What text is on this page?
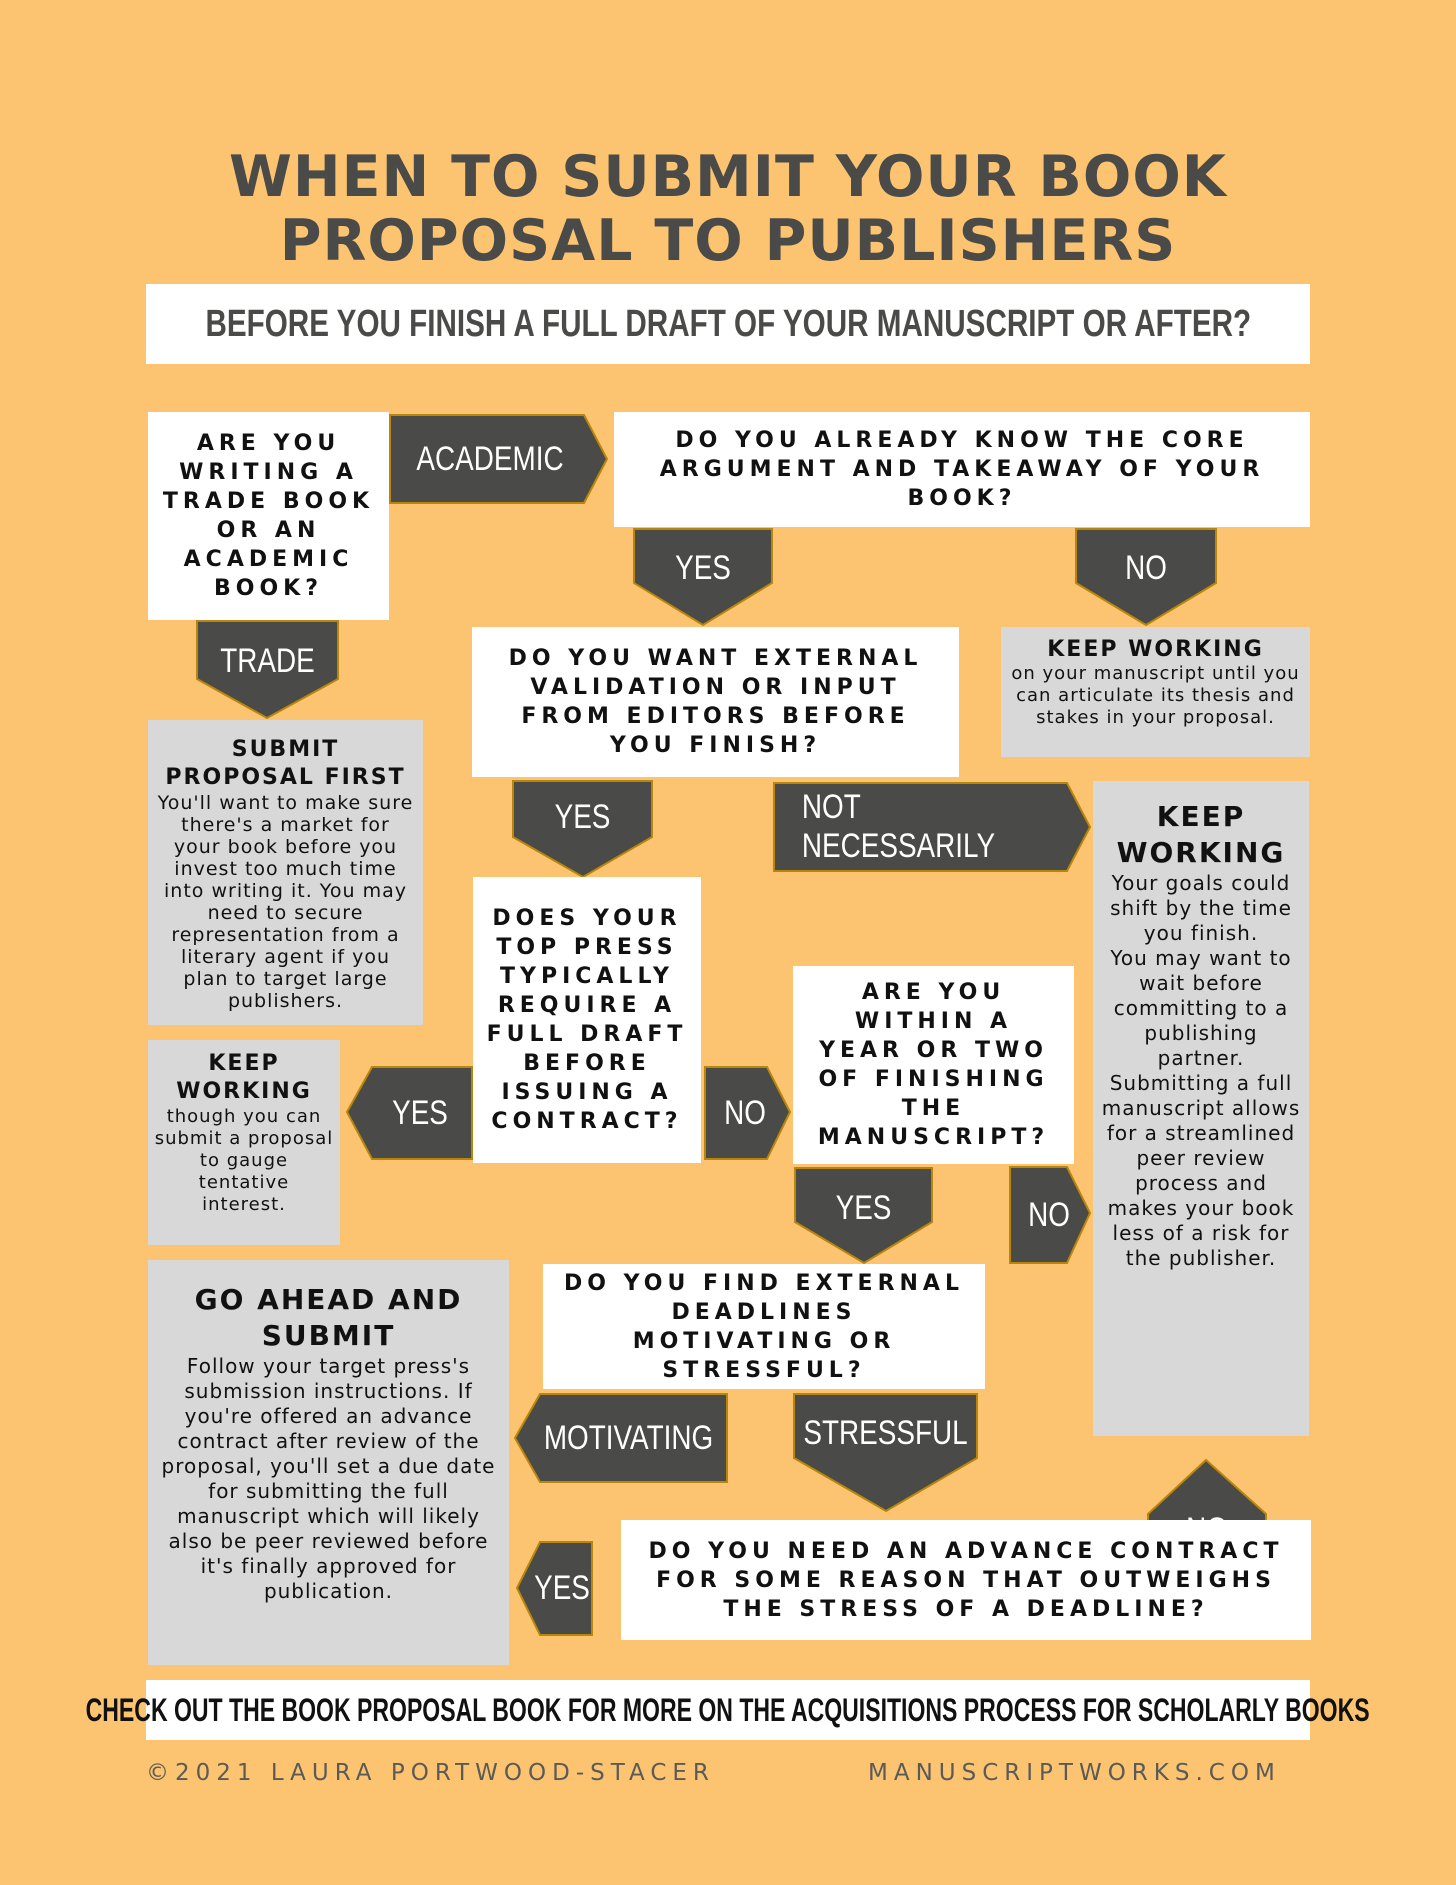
WHEN TO SUBMIT YOUR BOOK
PROPOSAL TO PUBLISHERS
BEFORE YOU FINISH A FULL DRAFT OF YOUR MANUSCRIPT OR AFTER?
ACADEMIC
YES	NO
TRADE
YES	NOT NECESSARILY
YES	NO
YES	NO
MOTIVATING	STRESSFUL
YES
ARE YOU WRITING A TRADE BOOK OR AN ACADEMIC BOOK?
DO YOU ALREADY KNOW THE CORE ARGUMENT AND TAKEAWAY OF YOUR BOOK?
DO YOU WANT EXTERNAL VALIDATION OR INPUT FROM EDITORS BEFORE YOU FINISH?
DOES YOUR TOP PRESS TYPICALLY REQUIRE A FULL DRAFT BEFORE ISSUING A CONTRACT?
ARE YOU WITHIN A YEAR OR TWO OF FINISHING THE MANUSCRIPT?
DO YOU FIND EXTERNAL DEADLINES MOTIVATING OR STRESSFUL?
DO YOU NEED AN ADVANCE CONTRACT FOR SOME REASON THAT OUTWEIGHS THE STRESS OF A DEADLINE?
SUBMIT PROPOSAL FIRST
You'll want to make sure there's a market for your book before you invest too much time into writing it. You may need to secure representation from a literary agent if you plan to target large publishers.
KEEP WORKING
on your manuscript until you can articulate its thesis and stakes in your proposal.
KEEP WORKING
though you can submit a proposal to gauge tentative interest.
KEEP WORKING
Your goals could shift by the time you finish.
You may want to wait before committing to a publishing partner.
Submitting a full manuscript allows for a streamlined peer review process and makes your book less of a risk for the publisher.
GO AHEAD AND SUBMIT
Follow your target press's submission instructions. If you're offered an advance contract after review of the proposal, you'll set a due date for submitting the full manuscript which will likely also be peer reviewed before it's finally approved for publication.
CHECK OUT THE BOOK PROPOSAL BOOK FOR MORE ON THE ACQUISITIONS PROCESS FOR SCHOLARLY BOOKS
©2021 LAURA PORTWOOD-STACER	MANUSCRIPTWORKS.COM
